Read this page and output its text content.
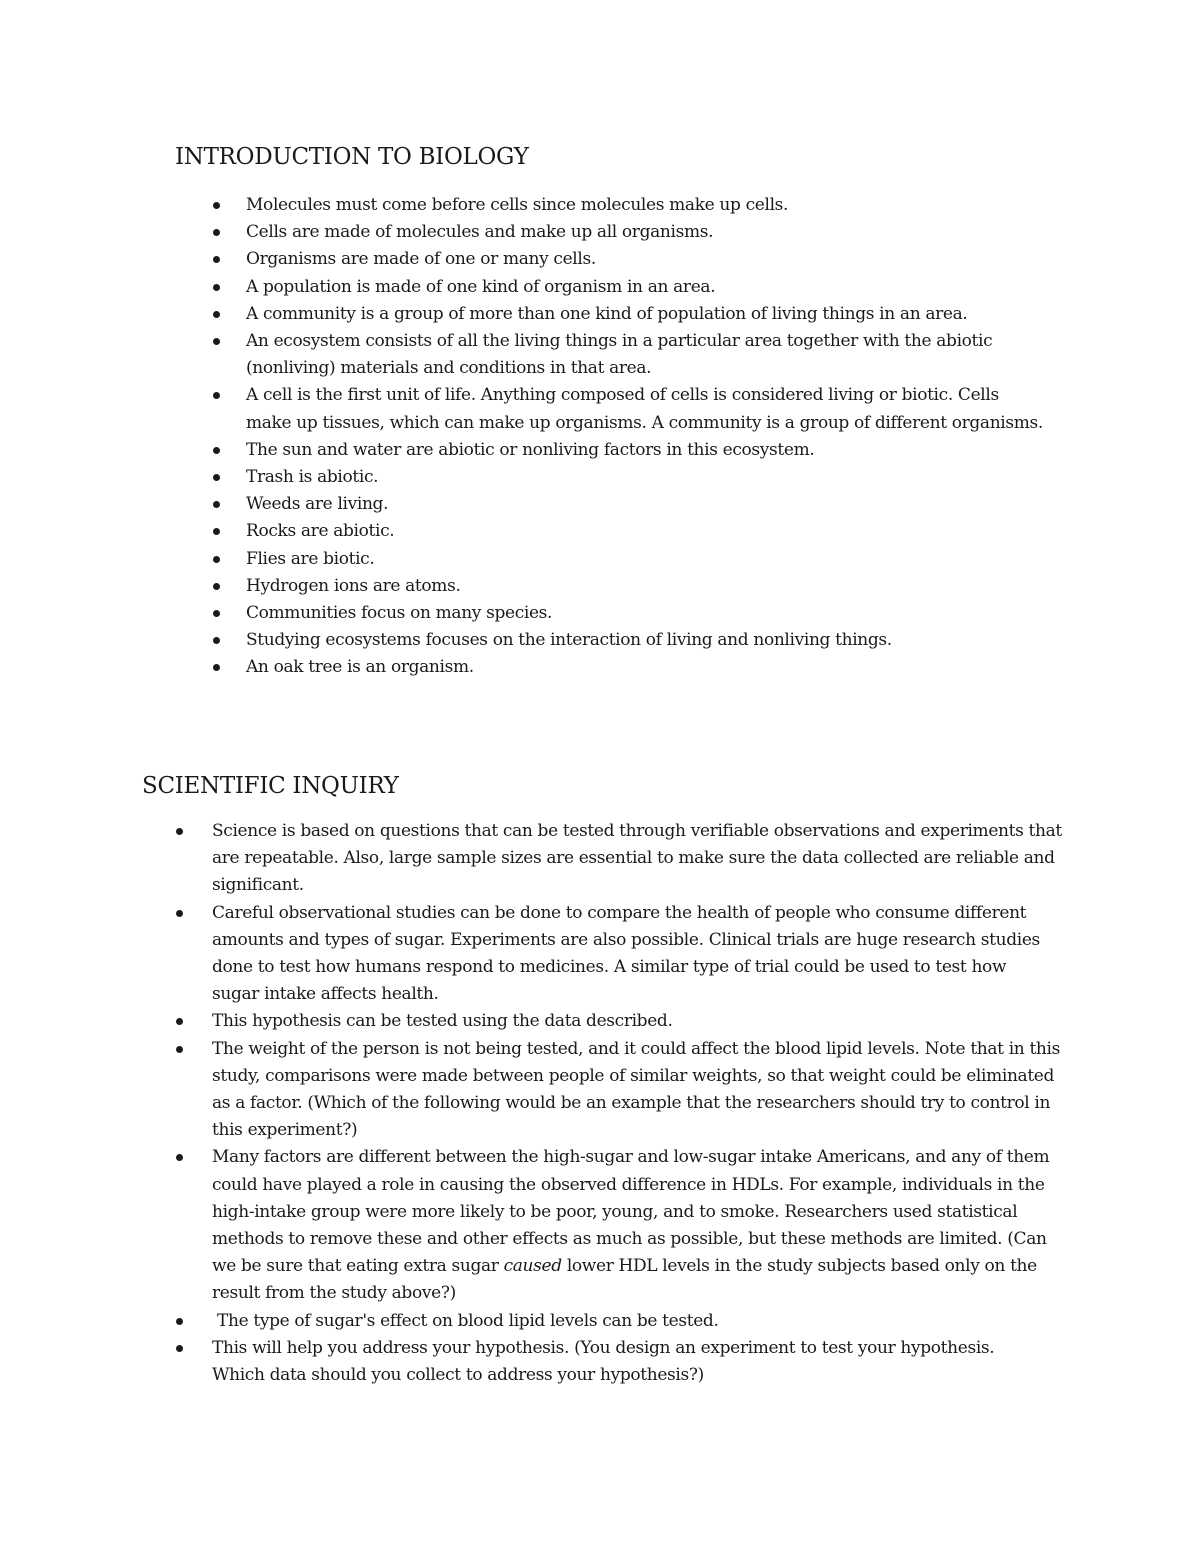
INTRODUCTION TO BIOLOGY
Molecules must come before cells since molecules make up cells.
Cells are made of molecules and make up all organisms.
Organisms are made of one or many cells.
A population is made of one kind of organism in an area.
A community is a group of more than one kind of population of living things in an area.
An ecosystem consists of all the living things in a particular area together with the abiotic (nonliving) materials and conditions in that area.
A cell is the first unit of life. Anything composed of cells is considered living or biotic. Cells make up tissues, which can make up organisms. A community is a group of different organisms.
The sun and water are abiotic or nonliving factors in this ecosystem.
Trash is abiotic.
Weeds are living.
Rocks are abiotic.
Flies are biotic.
Hydrogen ions are atoms.
Communities focus on many species.
Studying ecosystems focuses on the interaction of living and nonliving things.
An oak tree is an organism.
SCIENTIFIC INQUIRY
Science is based on questions that can be tested through verifiable observations and experiments that are repeatable. Also, large sample sizes are essential to make sure the data collected are reliable and significant.
Careful observational studies can be done to compare the health of people who consume different amounts and types of sugar. Experiments are also possible. Clinical trials are huge research studies done to test how humans respond to medicines. A similar type of trial could be used to test how sugar intake affects health.
This hypothesis can be tested using the data described.
The weight of the person is not being tested, and it could affect the blood lipid levels. Note that in this study, comparisons were made between people of similar weights, so that weight could be eliminated as a factor. (Which of the following would be an example that the researchers should try to control in this experiment?)
Many factors are different between the high-sugar and low-sugar intake Americans, and any of them could have played a role in causing the observed difference in HDLs. For example, individuals in the high-intake group were more likely to be poor, young, and to smoke. Researchers used statistical methods to remove these and other effects as much as possible, but these methods are limited. (Can we be sure that eating extra sugar caused lower HDL levels in the study subjects based only on the result from the study above?)
The type of sugar's effect on blood lipid levels can be tested.
This will help you address your hypothesis. (You design an experiment to test your hypothesis. Which data should you collect to address your hypothesis?)
